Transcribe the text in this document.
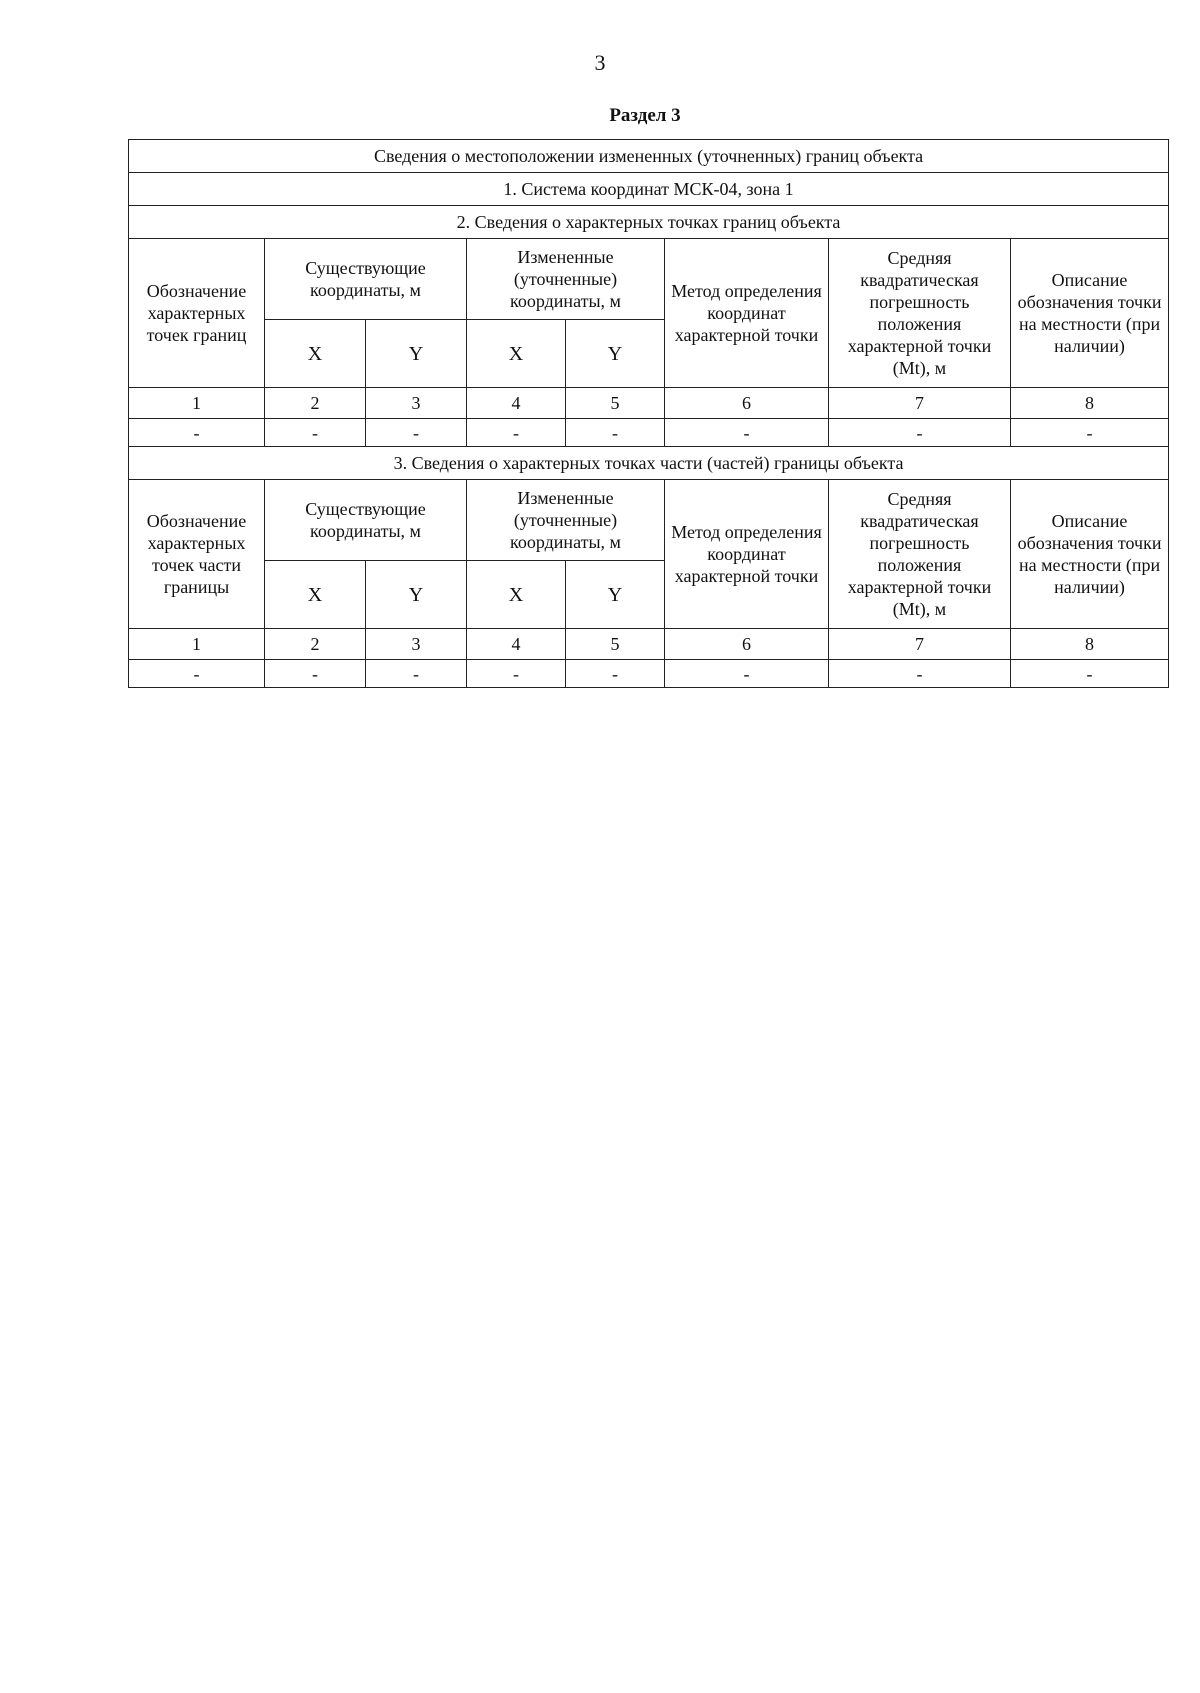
3
Раздел 3
Сведения о местоположении измененных (уточненных) границ объекта							
1. Система координат МСК-04, зона 1							
2. Сведения о характерных точках границ объекта							
Обозначение характерных точек границ	Существующие координаты, м		Измененные (уточненные) координаты, м		Метод определения координат характерной точки	Средняя квадратическая погрешность положения характерной точки (Mt), м	Описание обозначения точки на местности (при наличии)
	X	Y	X	Y			
1	2	3	4	5	6	7	8
-	-	-	-	-	-	-	-
3. Сведения о характерных точках части (частей) границы объекта							
Обозначение характерных точек части границы	Существующие координаты, м		Измененные (уточненные) координаты, м		Метод определения координат характерной точки	Средняя квадратическая погрешность положения характерной точки (Mt), м	Описание обозначения точки на местности (при наличии)
	X	Y	X	Y			
1	2	3	4	5	6	7	8
-	-	-	-	-	-	-	-
